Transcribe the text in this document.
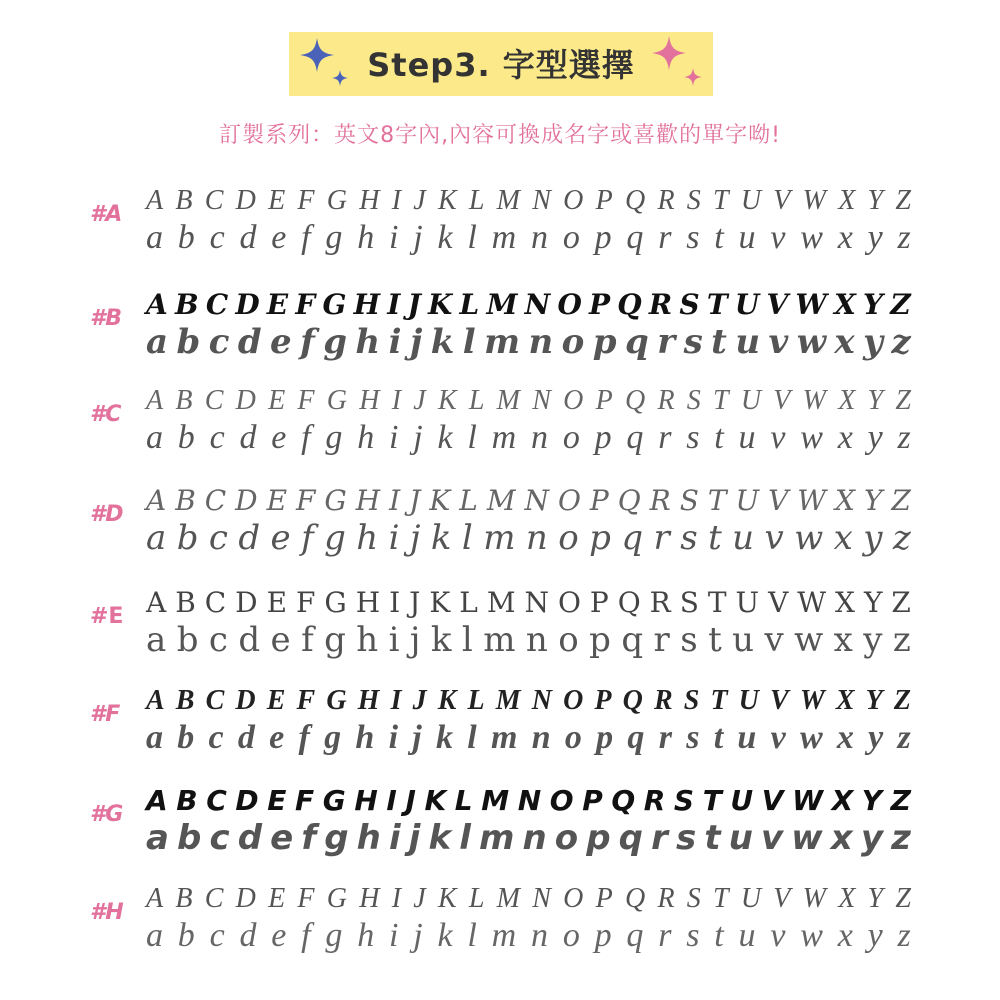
Step3. 字型選擇
訂製系列：英文8字內,內容可換成名字或喜歡的單字呦!
#A A B C D E F G H I J K L M N O P Q R S T U V W X Y Z
a b c d e f g h i j k l m n o p q r s t u v w x y z
#B A B C D E F G H I J K L M N O P Q R S T U V W X Y Z
a b c d e f g h i j k l m n o p q r s t u v w x y z
#C A B C D E F G H I J K L M N O P Q R S T U V W X Y Z
a b c d e f g h i j k l m n o p q r s t u v w x y z
#D A B C D E F G H I J K L M N O P Q R S T U V W X Y Z
a b c d e f g h i j k l m n o p q r s t u v w x y z
#E A B C D E F G H I J K L M N O P Q R S T U V W X Y Z
a b c d e f g h i j k l m n o p q r s t u v w x y z
#F A B C D E F G H I J K L M N O P Q R S T U V W X Y Z
a b c d e f g h i j k l m n o p q r s t u v w x y z
#G A B C D E F G H I J K L M N O P Q R S T U V W X Y Z
a b c d e f g h i j k l m n o p q r s t u v w x y z
#H A B C D E F G H I J K L M N O P Q R S T U V W X Y Z
a b c d e f g h i j k l m n o p q r s t u v w x y z
